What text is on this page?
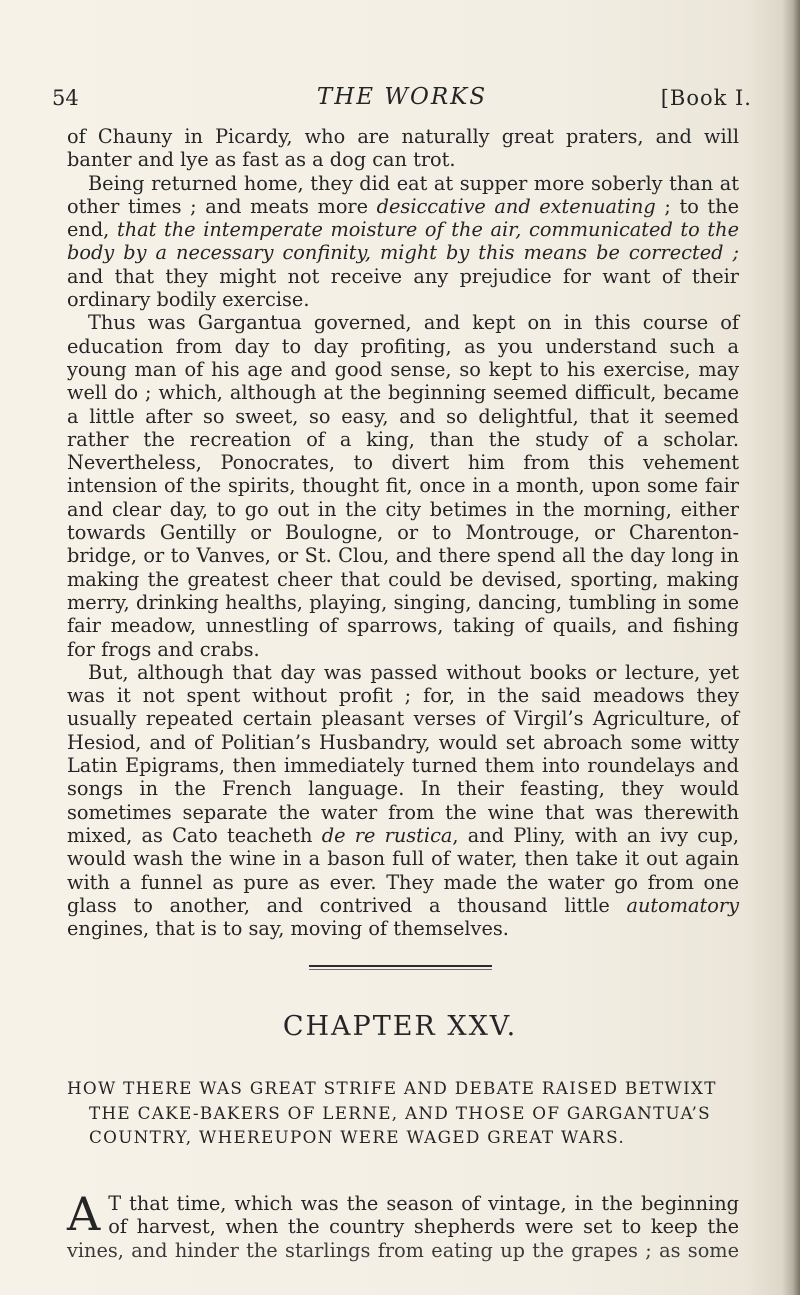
54	THE WORKS	[Book I.

of Chauny in Picardy, who are naturally great praters, and will banter and lye as fast as a dog can trot.

Being returned home, they did eat at supper more soberly than at other times ; and meats more desiccative and extenuating ; to the end, that the intemperate moisture of the air, communicated to the body by a necessary confinity, might by this means be corrected ; and that they might not receive any prejudice for want of their ordinary bodily exercise.

Thus was Gargantua governed, and kept on in this course of education from day to day profiting, as you understand such a young man of his age and good sense, so kept to his exercise, may well do ; which, although at the beginning seemed difficult, became a little after so sweet, so easy, and so delightful, that it seemed rather the recreation of a king, than the study of a scholar. Nevertheless, Ponocrates, to divert him from this vehement intension of the spirits, thought fit, once in a month, upon some fair and clear day, to go out in the city betimes in the morning, either towards Gentilly or Boulogne, or to Montrouge, or Charenton-bridge, or to Vanves, or St. Clou, and there spend all the day long in making the greatest cheer that could be devised, sporting, making merry, drinking healths, playing, singing, dancing, tumbling in some fair meadow, unnestling of sparrows, taking of quails, and fishing for frogs and crabs.

But, although that day was passed without books or lecture, yet was it not spent without profit ; for, in the said meadows they usually repeated certain pleasant verses of Virgil’s Agriculture, of Hesiod, and of Politian’s Husbandry, would set abroach some witty Latin Epigrams, then immediately turned them into roundelays and songs in the French language. In their feasting, they would sometimes separate the water from the wine that was therewith mixed, as Cato teacheth de re rustica, and Pliny, with an ivy cup, would wash the wine in a bason full of water, then take it out again with a funnel as pure as ever. They made the water go from one glass to another, and contrived a thousand little automatory engines, that is to say, moving of themselves.

CHAPTER XXV.
HOW THERE WAS GREAT STRIFE AND DEBATE RAISED BETWIXT
THE CAKE-BAKERS OF LERNE, AND THOSE OF GARGANTUA’S
COUNTRY, WHEREUPON WERE WAGED GREAT WARS.
A T that time, which was the season of vintage, in the beginning
of harvest, when the country shepherds were set to keep the
vines, and hinder the starlings from eating up the grapes ; as some
